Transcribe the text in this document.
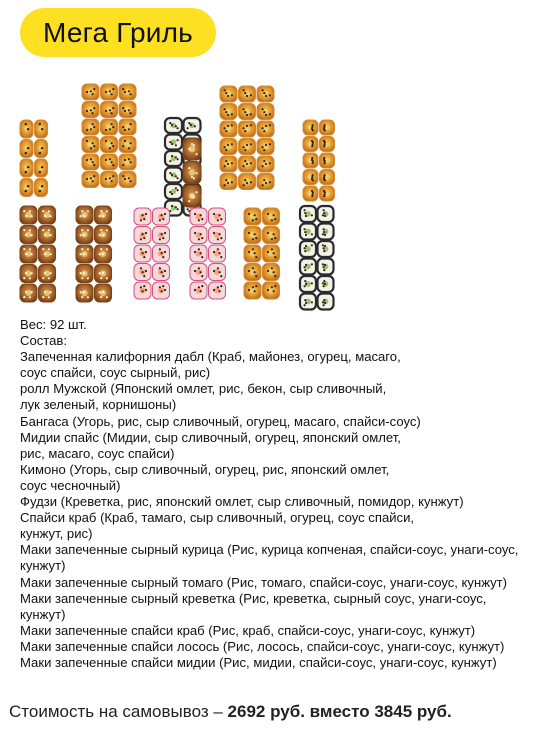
Мега Гриль
Вес: 92 шт.
Состав:
Запеченная калифорния дабл (Краб, майонез, огурец, масаго,
соус спайси, соус сырный, рис)
ролл Мужской (Японский омлет, рис, бекон, сыр сливочный,
лук зеленый, корнишоны)
Бангаса (Угорь, рис, сыр сливочный, огурец, масаго, спайси-соус)
Мидии спайс (Мидии, сыр сливочный, огурец, японский омлет,
рис, масаго, соус спайси)
Кимоно (Угорь, сыр сливочный, огурец, рис, японский омлет,
соус чесночный)
Фудзи (Креветка, рис, японский омлет, сыр сливочный, помидор, кунжут)
Спайси краб (Краб, тамаго, сыр сливочный, огурец, соус спайси,
кунжут, рис)
Маки запеченные сырный курица (Рис, курица копченая, спайси-соус, унаги-соус,
кунжут)
Маки запеченные сырный томаго (Рис, томаго, спайси-соус, унаги-соус, кунжут)
Маки запеченные сырный креветка (Рис, креветка, сырный соус, унаги-соус,
кунжут)
Маки запеченные спайси краб (Рис, краб, спайси-соус, унаги-соус, кунжут)
Маки запеченные спайси лосось (Рис, лосось, спайси-соус, унаги-соус, кунжут)
Маки запеченные спайси мидии (Рис, мидии, спайси-соус, унаги-соус, кунжут)
Стоимость на самовывоз – 2692 руб. вместо 3845 руб.
